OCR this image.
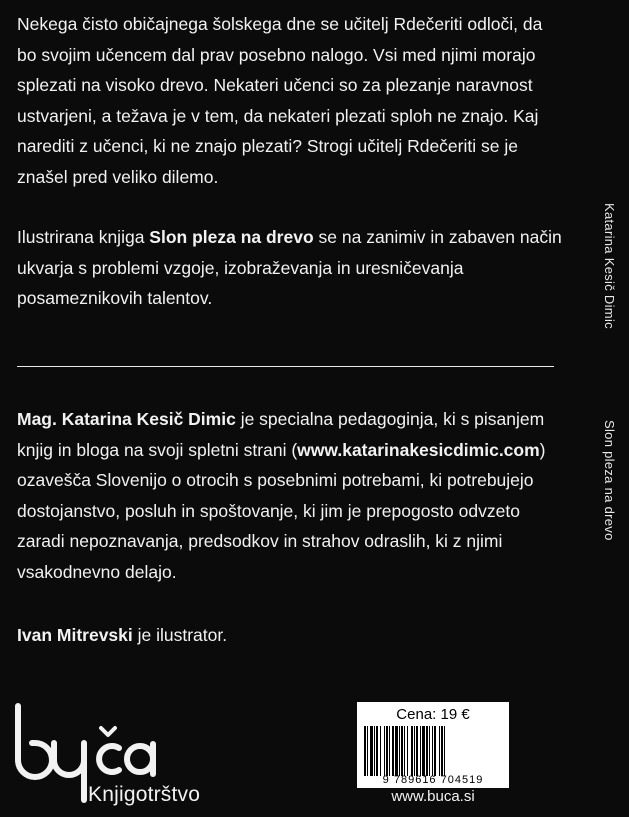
Nekega čisto običajnega šolskega dne se učitelj Rdečeriti odloči, da bo svojim učencem dal prav posebno nalogo. Vsi med njimi morajo splezati na visoko drevo. Nekateri učenci so za plezanje naravnost ustvarjeni, a težava je v tem, da nekateri plezati sploh ne znajo. Kaj narediti z učenci, ki ne znajo plezati? Strogi učitelj Rdečeriti se je znašel pred veliko dilemo.

Ilustrirana knjiga Slon pleza na drevo se na zanimiv in zabaven način ukvarja s problemi vzgoje, izobraževanja in uresničevanja posameznikovih talentov.

Mag. Katarina Kesič Dimic je specialna pedagoginja, ki s pisanjem knjig in bloga na svoji spletni strani (www.katarinakesicdimic.com) ozavešča Slovenijo o otrocih s posebnimi potrebami, ki potrebujejo dostojanstvo, posluh in spoštovanje, ki jim je prepogosto odvzeto zaradi nepoznavanja, predsodkov in strahov odraslih, ki z njimi vsakodnevno delajo.

Ivan Mitrevski je ilustrator.

Katarina Kesič Dimic
Slon pleza na drevo
Knjigotrštvo
Cena: 19 €
9 789616 704519
www.buca.si
